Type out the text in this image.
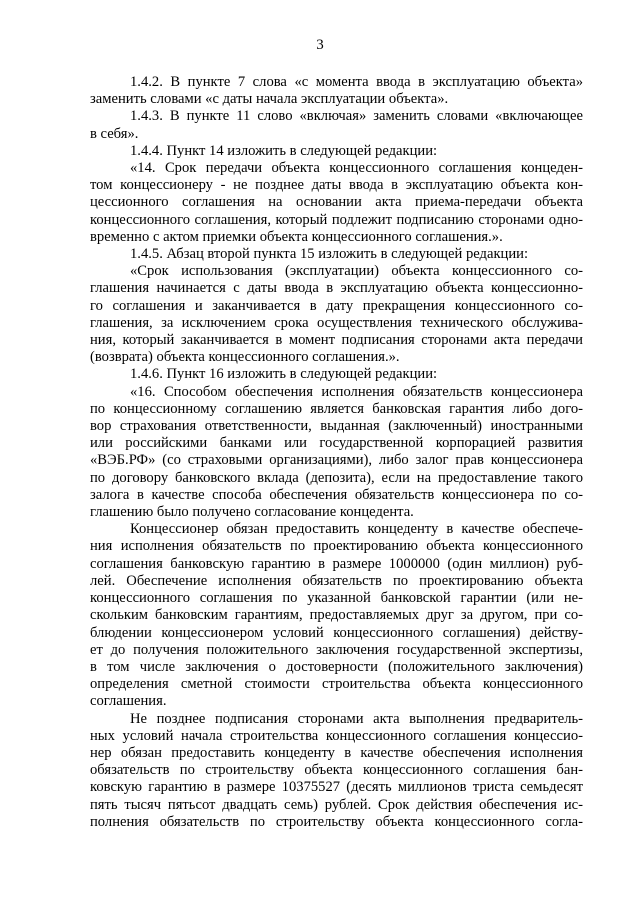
3
1.4.2. В пункте 7 слова «с момента ввода в эксплуатацию объекта»
заменить словами «с даты начала эксплуатации объекта».
1.4.3. В пункте 11 слово «включая» заменить словами «включающее
в себя».
1.4.4. Пункт 14 изложить в следующей редакции:
«14. Срок передачи объекта концессионного соглашения концеден-
том концессионеру - не позднее даты ввода в эксплуатацию объекта кон-
цессионного соглашения на основании акта приема-передачи объекта
концессионного соглашения, который подлежит подписанию сторонами одно-
временно с актом приемки объекта концессионного соглашения.».
1.4.5. Абзац второй пункта 15 изложить в следующей редакции:
«Срок использования (эксплуатации) объекта концессионного со-
глашения начинается с даты ввода в эксплуатацию объекта концессионно-
го соглашения и заканчивается в дату прекращения концессионного со-
глашения, за исключением срока осуществления технического обслужива-
ния, который заканчивается в момент подписания сторонами акта передачи
(возврата) объекта концессионного соглашения.».
1.4.6. Пункт 16 изложить в следующей редакции:
«16. Способом обеспечения исполнения обязательств концессионера
по концессионному соглашению является банковская гарантия либо дого-
вор страхования ответственности, выданная (заключенный) иностранными
или российскими банками или государственной корпорацией развития
«ВЭБ.РФ» (со страховыми организациями), либо залог прав концессионера
по договору банковского вклада (депозита), если на предоставление такого
залога в качестве способа обеспечения обязательств концессионера по со-
глашению было получено согласование концедента.
Концессионер обязан предоставить концеденту в качестве обеспече-
ния исполнения обязательств по проектированию объекта концессионного
соглашения банковскую гарантию в размере 1000000 (один миллион) руб-
лей. Обеспечение исполнения обязательств по проектированию объекта
концессионного соглашения по указанной банковской гарантии (или не-
скольким банковским гарантиям, предоставляемых друг за другом, при со-
блюдении концессионером условий концессионного соглашения) действу-
ет до получения положительного заключения государственной экспертизы,
в том числе заключения о достоверности (положительного заключения)
определения сметной стоимости строительства объекта концессионного
соглашения.
Не позднее подписания сторонами акта выполнения предваритель-
ных условий начала строительства концессионного соглашения концессио-
нер обязан предоставить концеденту в качестве обеспечения исполнения
обязательств по строительству объекта концессионного соглашения бан-
ковскую гарантию в размере 10375527 (десять миллионов триста семьдесят
пять тысяч пятьсот двадцать семь) рублей. Срок действия обеспечения ис-
полнения обязательств по строительству объекта концессионного согла-
